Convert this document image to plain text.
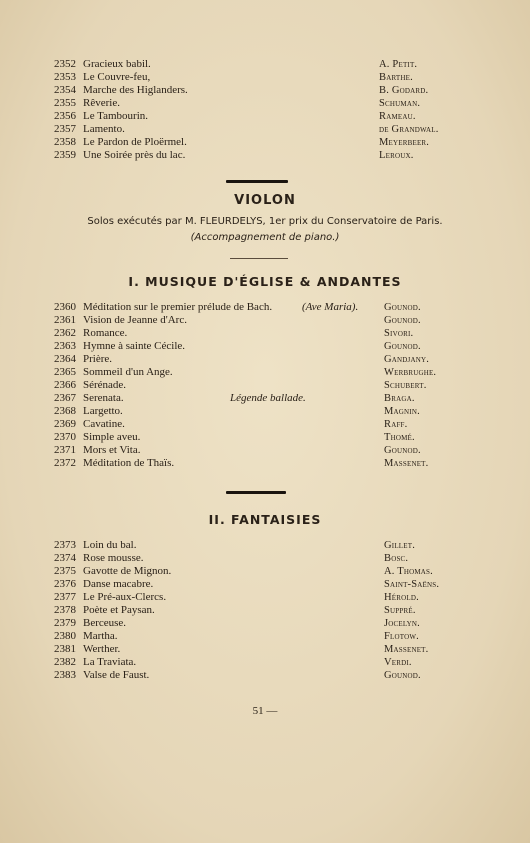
2352 Gracieux babil.	A. Petit.
2353 Le Couvre-feu,	Barthe.
2354 Marche des Higlanders.	B. Godard.
2355 Rêverie.	Schuman.
2356 Le Tambourin.	Rameau.
2357 Lamento.	de Grandwal.
2358 Le Pardon de Ploërmel.	Meyerbeer.
2359 Une Soirée près du lac.	Leroux.
VIOLON
Solos exécutés par M. FLEURDELYS, 1er prix du Conservatoire de Paris.
(Accompagnement de piano.)
I. MUSIQUE D'ÉGLISE & ANDANTES
2360 Méditation sur le premier prélude de Bach.	(Ave Maria). Gounod.
2361 Vision de Jeanne d'Arc.	Gounod.
2362 Romance.	Sivori.
2363 Hymne à sainte Cécile.	Gounod.
2364 Prière.	Gandjany.
2365 Sommeil d'un Ange.	Werbrughe.
2366 Sérénade.	Schubert.
2367 Serenata.	Légende ballade.	Braga.
2368 Largetto.	Magnin.
2369 Cavatine.	Raff.
2370 Simple aveu.	Thomé.
2371 Mors et Vita.	Gounod.
2372 Méditation de Thaïs.	Massenet.
II. FANTAISIES
2373 Loin du bal.	Gillet.
2374 Rose mousse.	Bosc.
2375 Gavotte de Mignon.	A. Thomas.
2376 Danse macabre.	Saint-Saëns.
2377 Le Pré-aux-Clercs.	Hérold.
2378 Poète et Paysan.	Suppré.
2379 Berceuse.	Jocelyn.
2380 Martha.	Flotow.
2381 Werther.	Massenet.
2382 La Traviata.	Verdi.
2383 Valse de Faust.	Gounod.
51 —
